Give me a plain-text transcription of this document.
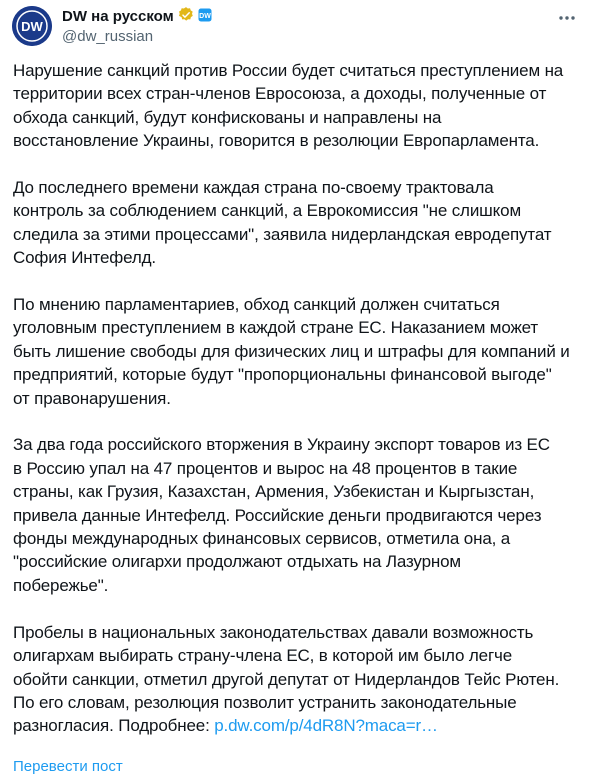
DW
DW на русском	DW
@dw_russian

Нарушение санкций против России будет считаться преступлением на
территории всех стран-членов Евросоюза, а доходы, полученные от
обхода санкций, будут конфискованы и направлены на
восстановление Украины, говорится в резолюции Европарламента.

До последнего времени каждая страна по-своему трактовала
контроль за соблюдением санкций, а Еврокомиссия "не слишком
следила за этими процессами", заявила нидерландская евродепутат
София Интефелд.

По мнению парламентариев, обход санкций должен считаться
уголовным преступлением в каждой стране ЕС. Наказанием может
быть лишение свободы для физических лиц и штрафы для компаний и
предприятий, которые будут "пропорциональны финансовой выгоде"
от правонарушения.

За два года российского вторжения в Украину экспорт товаров из ЕС
в Россию упал на 47 процентов и вырос на 48 процентов в такие
страны, как Грузия, Казахстан, Армения, Узбекистан и Кыргызстан,
привела данные Интефелд. Российские деньги продвигаются через
фонды международных финансовых сервисов, отметила она, а
"российские олигархи продолжают отдыхать на Лазурном
побережье".

Пробелы в национальных законодательствах давали возможность
олигархам выбирать страну-члена ЕС, в которой им было легче
обойти санкции, отметил другой депутат от Нидерландов Тейс Рютен.
По его словам, резолюция позволит устранить законодательные
разногласия. Подробнее: p.dw.com/p/4dR8N?maca=r…

Перевести пост
